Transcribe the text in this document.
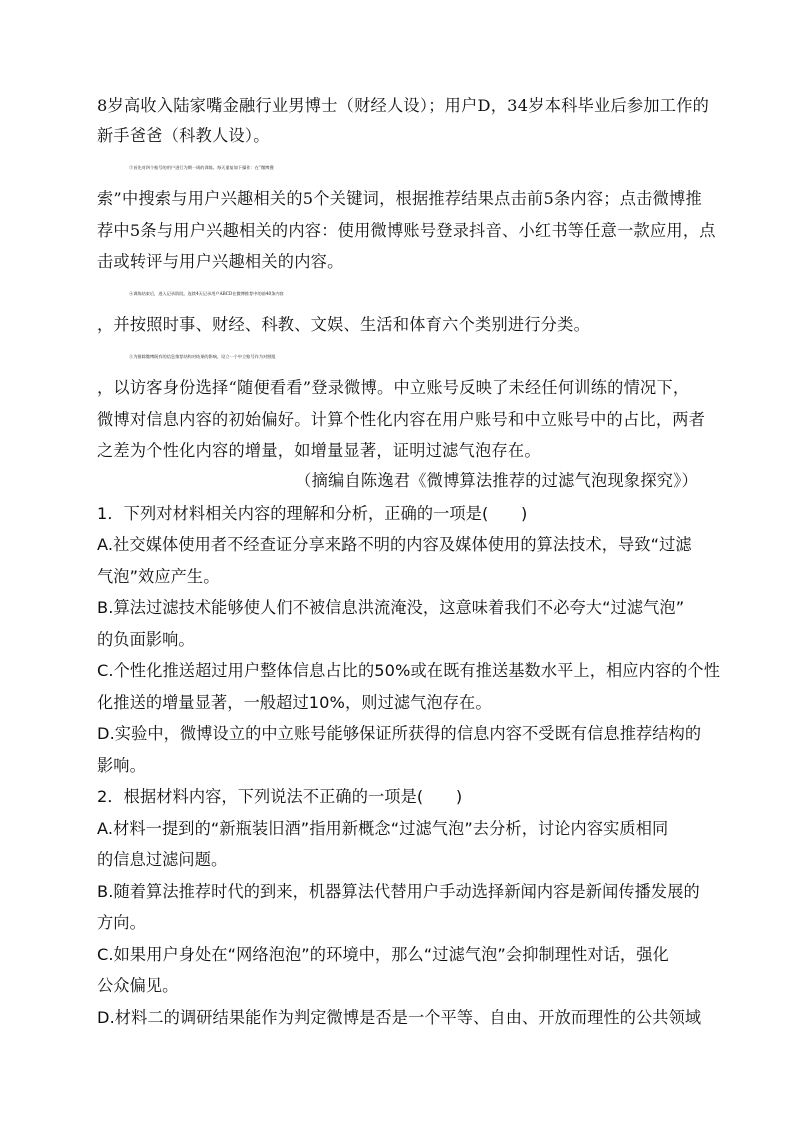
8岁高收入陆家嘴金融行业男博士（财经人设）；用户D，34岁本科毕业后参加工作的
新手爸爸（科教人设）。
③首先对四个账号的用户进行为期一周的训练。每天重复如下操作：在“微博搜
索”中搜索与用户兴趣相关的5个关键词，根据推荐结果点击前5条内容；点击微博推
荐中5条与用户兴趣相关的内容：使用微博账号登录抖音、小红书等任意一款应用，点
击或转评与用户兴趣相关的内容。
④训练结束后，进入记录阶段。连续4天记录用户ABCD在微博推荐中的前40条内容
，并按照时事、财经、科教、文娱、生活和体育六个类别进行分类。
⑤为排除微博既有的信息推荐结构对结果的影响，设立一个中立账号作为对照组
，以访客身份选择“随便看看”登录微博。中立账号反映了未经任何训练的情况下，
微博对信息内容的初始偏好。计算个性化内容在用户账号和中立账号中的占比，两者
之差为个性化内容的增量，如增量显著，证明过滤气泡存在。
（摘编自陈逸君《微博算法推荐的过滤气泡现象探究》）
1．下列对材料相关内容的理解和分析，正确的一项是(　　)
A.社交媒体使用者不经查证分享来路不明的内容及媒体使用的算法技术，导致“过滤
气泡”效应产生。
B.算法过滤技术能够使人们不被信息洪流淹没，这意味着我们不必夸大“过滤气泡”
的负面影响。
C.个性化推送超过用户整体信息占比的50%或在既有推送基数水平上，相应内容的个性
化推送的增量显著，一般超过10%，则过滤气泡存在。
D.实验中，微博设立的中立账号能够保证所获得的信息内容不受既有信息推荐结构的
影响。
2．根据材料内容，下列说法不正确的一项是(　　)
A.材料一提到的“新瓶装旧酒”指用新概念“过滤气泡”去分析，讨论内容实质相同
的信息过滤问题。
B.随着算法推荐时代的到来，机器算法代替用户手动选择新闻内容是新闻传播发展的
方向。
C.如果用户身处在“网络泡泡”的环境中，那么“过滤气泡”会抑制理性对话，强化
公众偏见。
D.材料二的调研结果能作为判定微博是否是一个平等、自由、开放而理性的公共领域
